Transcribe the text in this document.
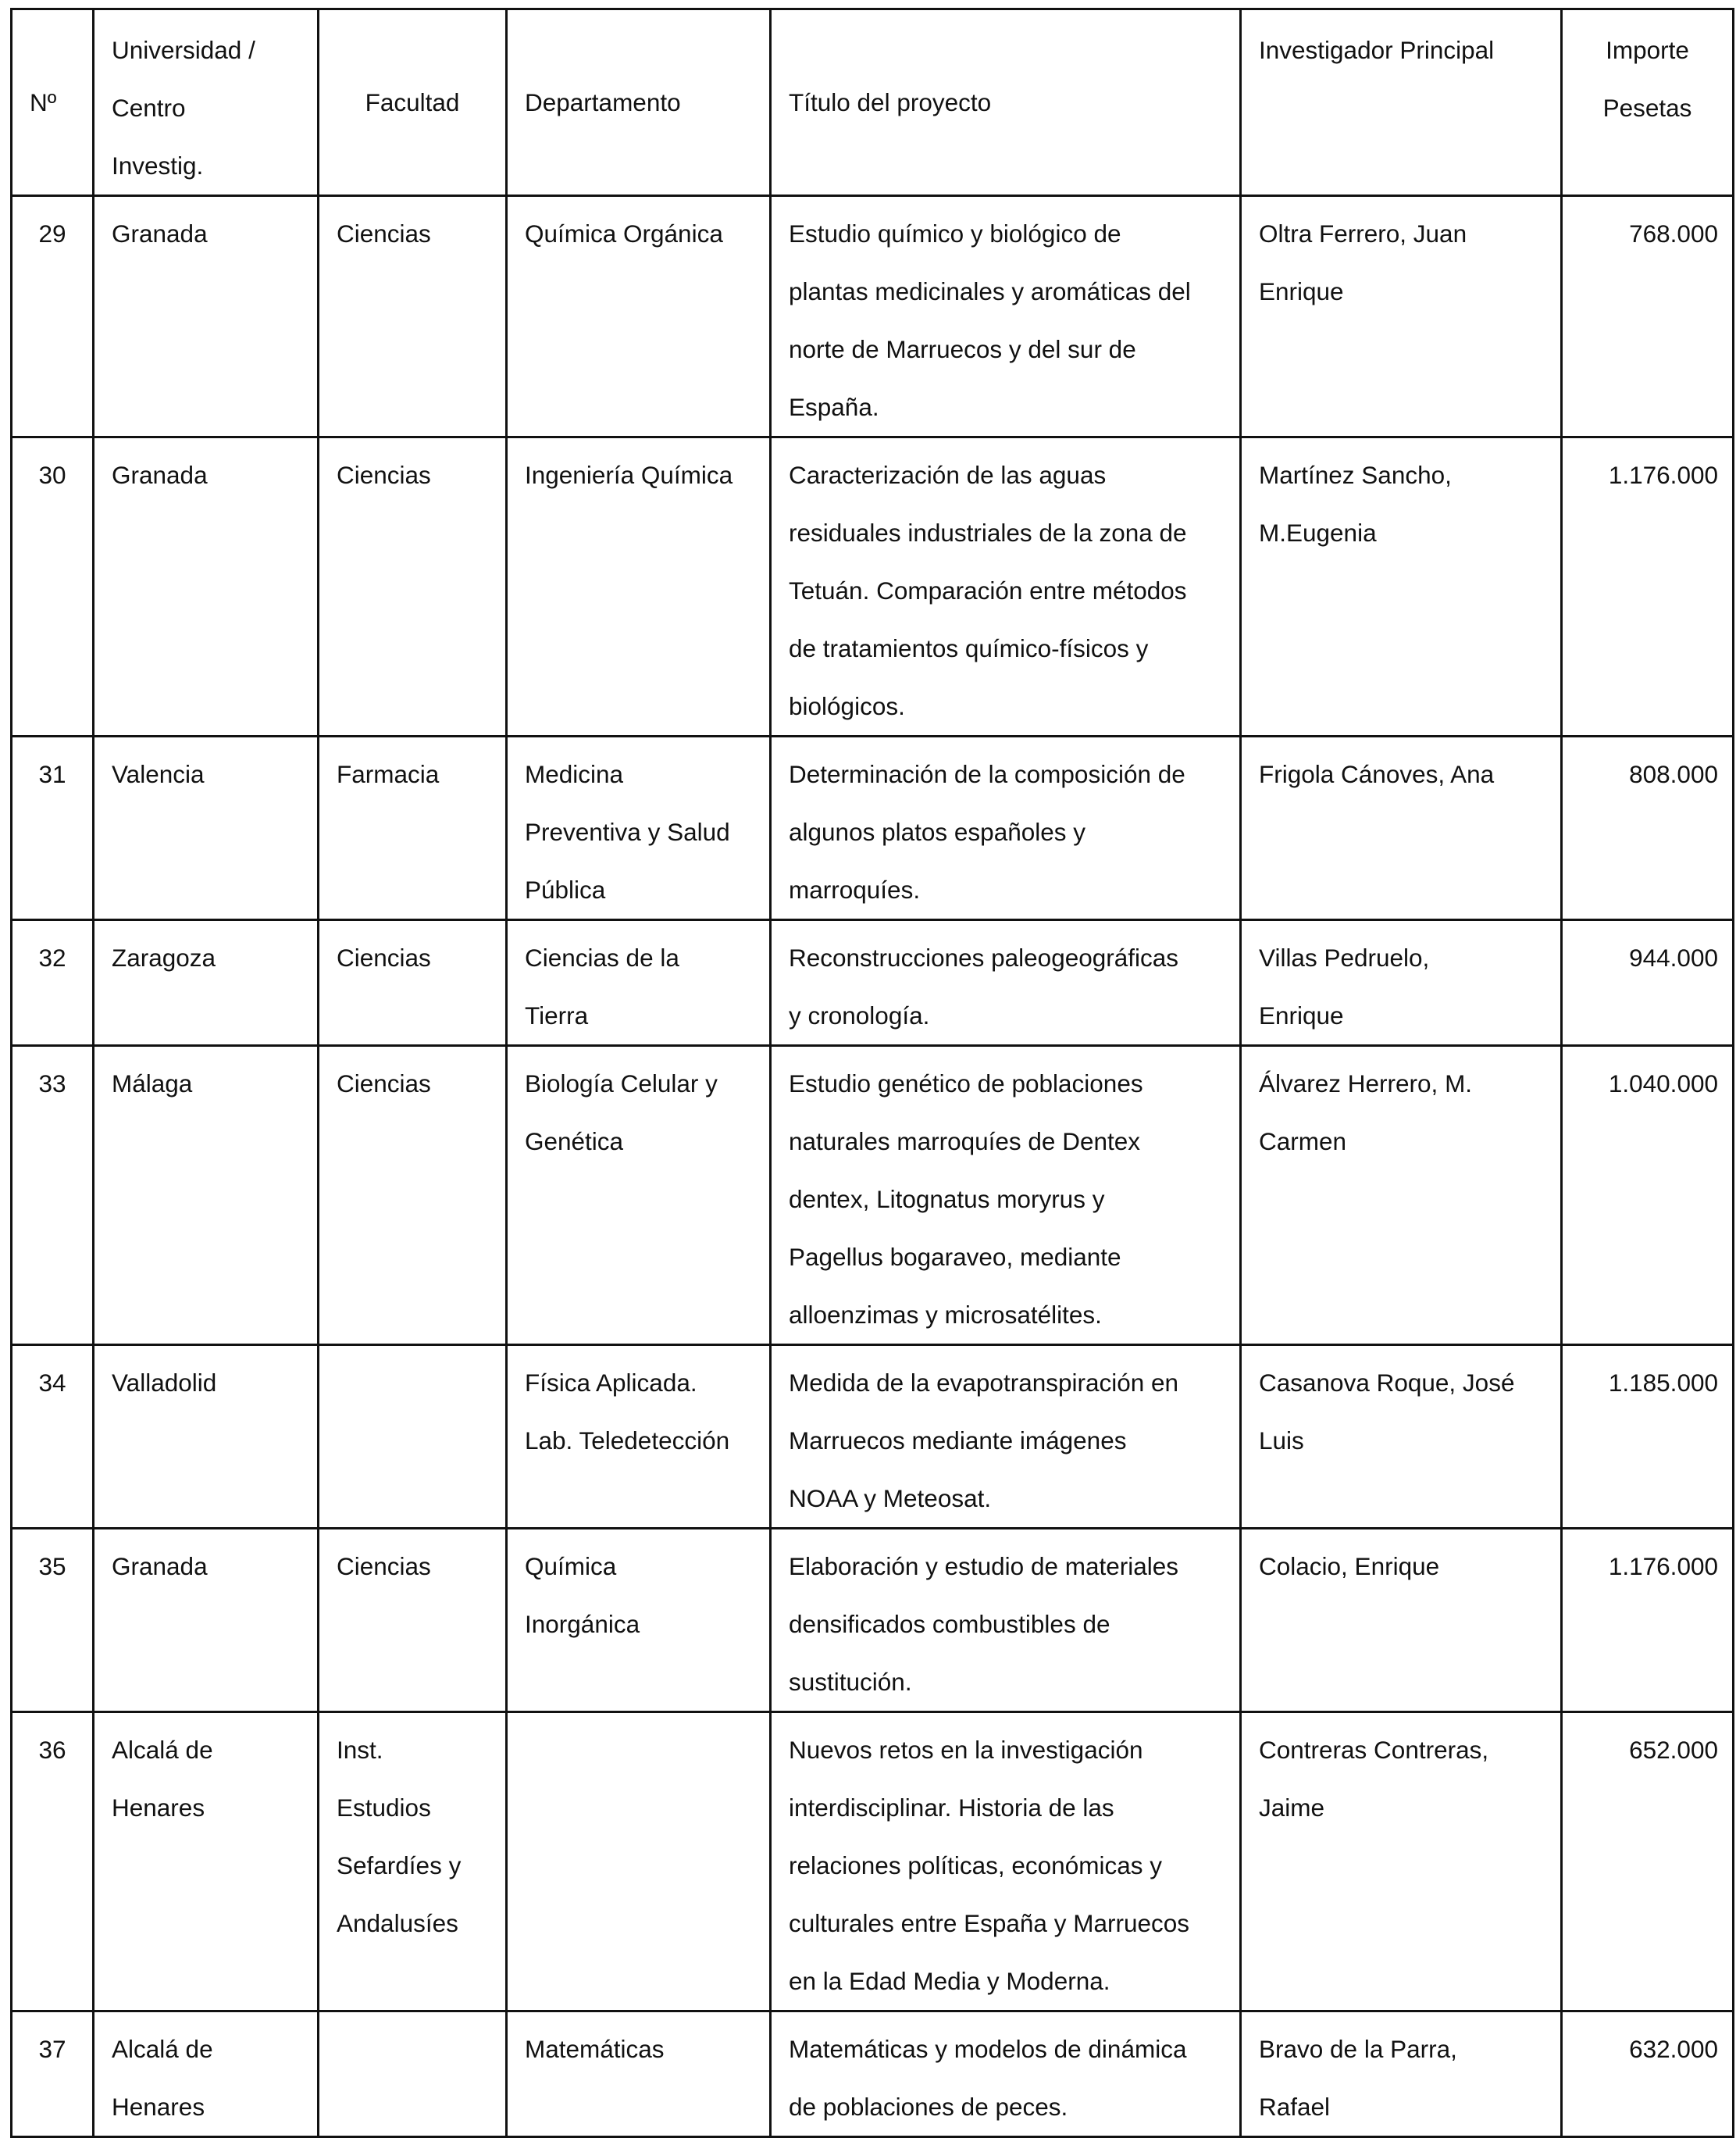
Nº	Universidad /
Centro
Investig.	Facultad	Departamento	Título del proyecto	Investigador Principal	Importe
Pesetas

29	Granada	Ciencias	Química Orgánica	Estudio químico y biológico de
plantas medicinales y aromáticas del
norte de Marruecos y del sur de
España.	Oltra Ferrero, Juan
Enrique	768.000

30	Granada	Ciencias	Ingeniería Química	Caracterización de las aguas
residuales industriales de la zona de
Tetuán. Comparación entre métodos
de tratamientos químico-físicos y
biológicos.	Martínez Sancho,
M.Eugenia	1.176.000

31	Valencia	Farmacia	Medicina
Preventiva y Salud
Pública	Determinación de la composición de
algunos platos españoles y
marroquíes.	Frigola Cánoves, Ana	808.000

32	Zaragoza	Ciencias	Ciencias de la
Tierra	Reconstrucciones paleogeográficas
y cronología.	Villas Pedruelo,
Enrique	944.000

33	Málaga	Ciencias	Biología Celular y
Genética	Estudio genético de poblaciones
naturales marroquíes de Dentex
dentex, Litognatus moryrus y
Pagellus bogaraveo, mediante
alloenzimas y microsatélites.	Álvarez Herrero, M.
Carmen	1.040.000

34	Valladolid		Física Aplicada.
Lab. Teledetección	Medida de la evapotranspiración en
Marruecos mediante imágenes
NOAA y Meteosat.	Casanova Roque, José
Luis	1.185.000

35	Granada	Ciencias	Química
Inorgánica	Elaboración y estudio de materiales
densificados combustibles de
sustitución.	Colacio, Enrique	1.176.000

36	Alcalá de
Henares	Inst.
Estudios
Sefardíes y
Andalusíes		Nuevos retos en la investigación
interdisciplinar. Historia de las
relaciones políticas, económicas y
culturales entre España y Marruecos
en la Edad Media y Moderna.	Contreras Contreras,
Jaime	652.000

37	Alcalá de
Henares		Matemáticas	Matemáticas y modelos de dinámica
de poblaciones de peces.	Bravo de la Parra,
Rafael	632.000
